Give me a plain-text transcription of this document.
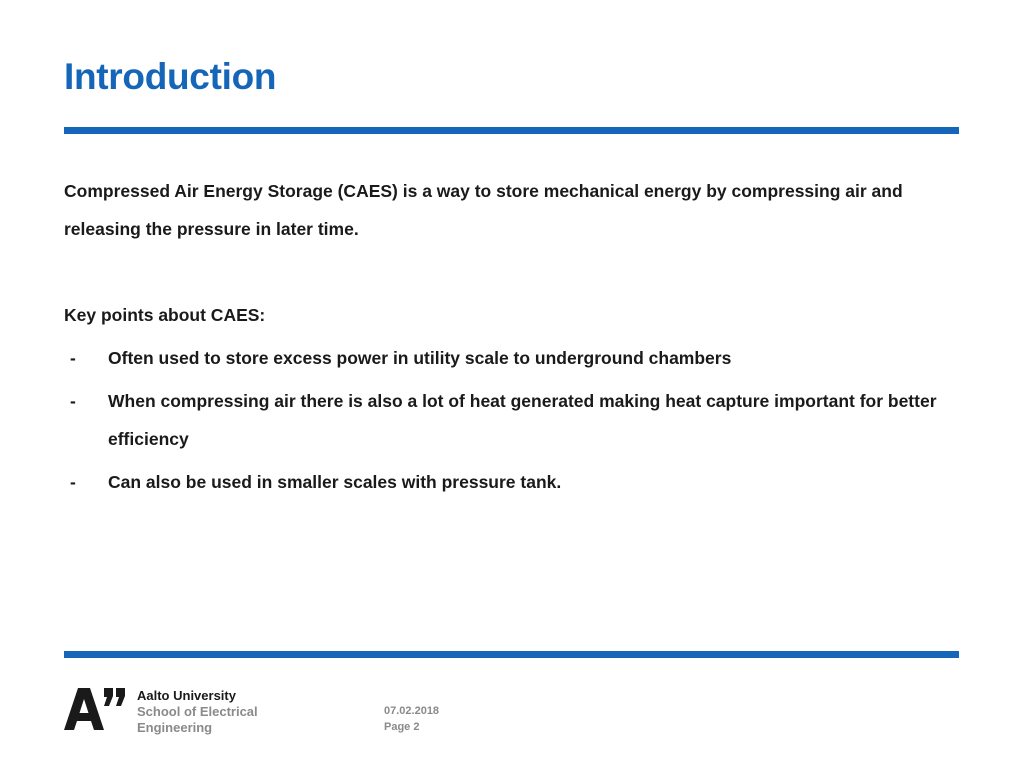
Introduction

Compressed Air Energy Storage (CAES) is a way to store mechanical energy by compressing air and releasing the pressure in later time.

Key points about CAES:

- Often used to store excess power in utility scale to underground chambers
- When compressing air there is also a lot of heat generated making heat capture important for better efficiency
- Can also be used in smaller scales with pressure tank.
Aalto University
School of Electrical
Engineering
07.02.2018
Page 2
